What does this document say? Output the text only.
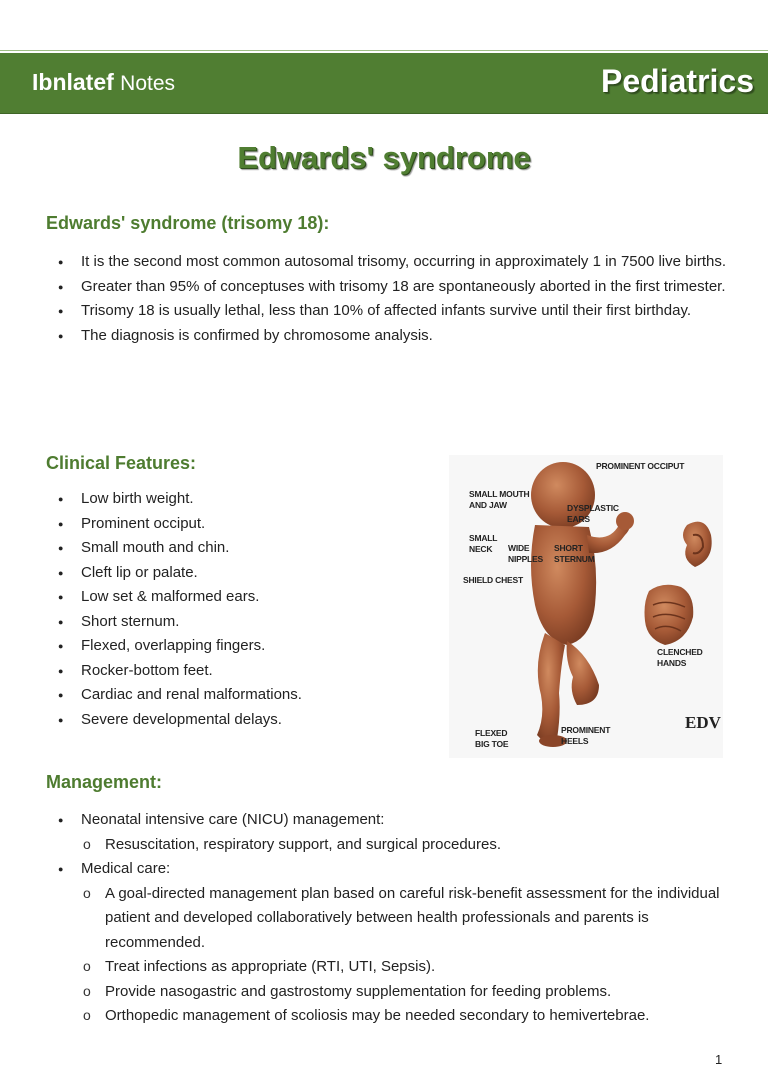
Ibnlatef Notes	Pediatrics
Edwards' syndrome
Edwards' syndrome (trisomy 18):
● It is the second most common autosomal trisomy, occurring in approximately 1 in 7500 live births.
● Greater than 95% of conceptuses with trisomy 18 are spontaneously aborted in the first trimester.
● Trisomy 18 is usually lethal, less than 10% of affected infants survive until their first birthday.
● The diagnosis is confirmed by chromosome analysis.
Clinical Features:
● Low birth weight.
● Prominent occiput.
● Small mouth and chin.
● Cleft lip or palate.
● Low set & malformed ears.
● Short sternum.
● Flexed, overlapping fingers.
● Rocker-bottom feet.
● Cardiac and renal malformations.
● Severe developmental delays.
PROMINENT OCCIPUT
SMALL MOUTH AND JAW
SMALL NECK	WIDE NIPPLES
DYSPLASTIC EARS
SHORT STERNUM
SHIELD CHEST
CLENCHED HANDS
FLEXED BIG TOE
PROMINENT HEELS
EDV
Management:
● Neonatal intensive care (NICU) management:
o Resuscitation, respiratory support, and surgical procedures.
● Medical care:
o A goal-directed management plan based on careful risk-benefit assessment for the individual patient and developed collaboratively between health professionals and parents is recommended.
o Treat infections as appropriate (RTI, UTI, Sepsis).
o Provide nasogastric and gastrostomy supplementation for feeding problems.
o Orthopedic management of scoliosis may be needed secondary to hemivertebrae.
1
